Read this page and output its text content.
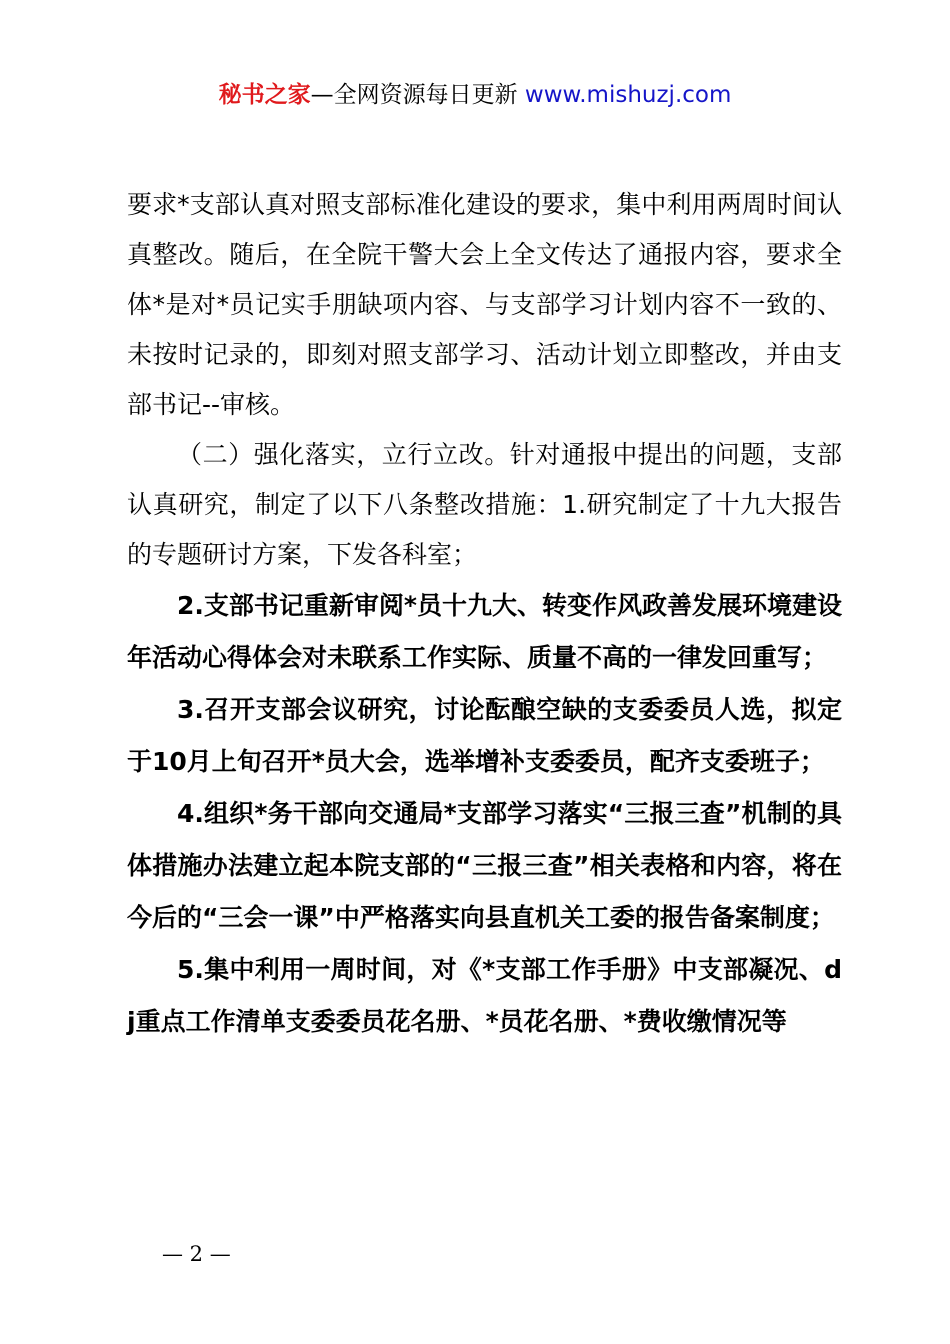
秘书之家—全网资源每日更新 www.mishuzj.com

要求*支部认真对照支部标准化建设的要求，集中利用两周时间认真整改。随后，在全院干警大会上全文传达了通报内容，要求全体*是对*员记实手朋缺项内容、与支部学习计划内容不一致的、未按时记录的，即刻对照支部学习、活动计划立即整改，并由支部书记--审核。

（二）强化落实，立行立改。针对通报中提出的问题，支部认真研究，制定了以下八条整改措施：1.研究制定了十九大报告的专题研讨方案，下发各科室；

2.支部书记重新审阅*员十九大、转变作风政善发展环境建设年活动心得体会对未联系工作实际、质量不高的一律发回重写；

3.召开支部会议研究，讨论酝酿空缺的支委委员人选，拟定于10月上旬召开*员大会，选举增补支委委员，配齐支委班子；

4.组织*务干部向交通局*支部学习落实“三报三查”机制的具体措施办法建立起本院支部的“三报三查”相关表格和内容，将在今后的“三会一课”中严格落实向县直机关工委的报告备案制度；

5.集中利用一周时间，对《*支部工作手册》中支部凝况、dj重点工作清单支委委员花名册、*员花名册、*费收缴情况等

— 2 —
